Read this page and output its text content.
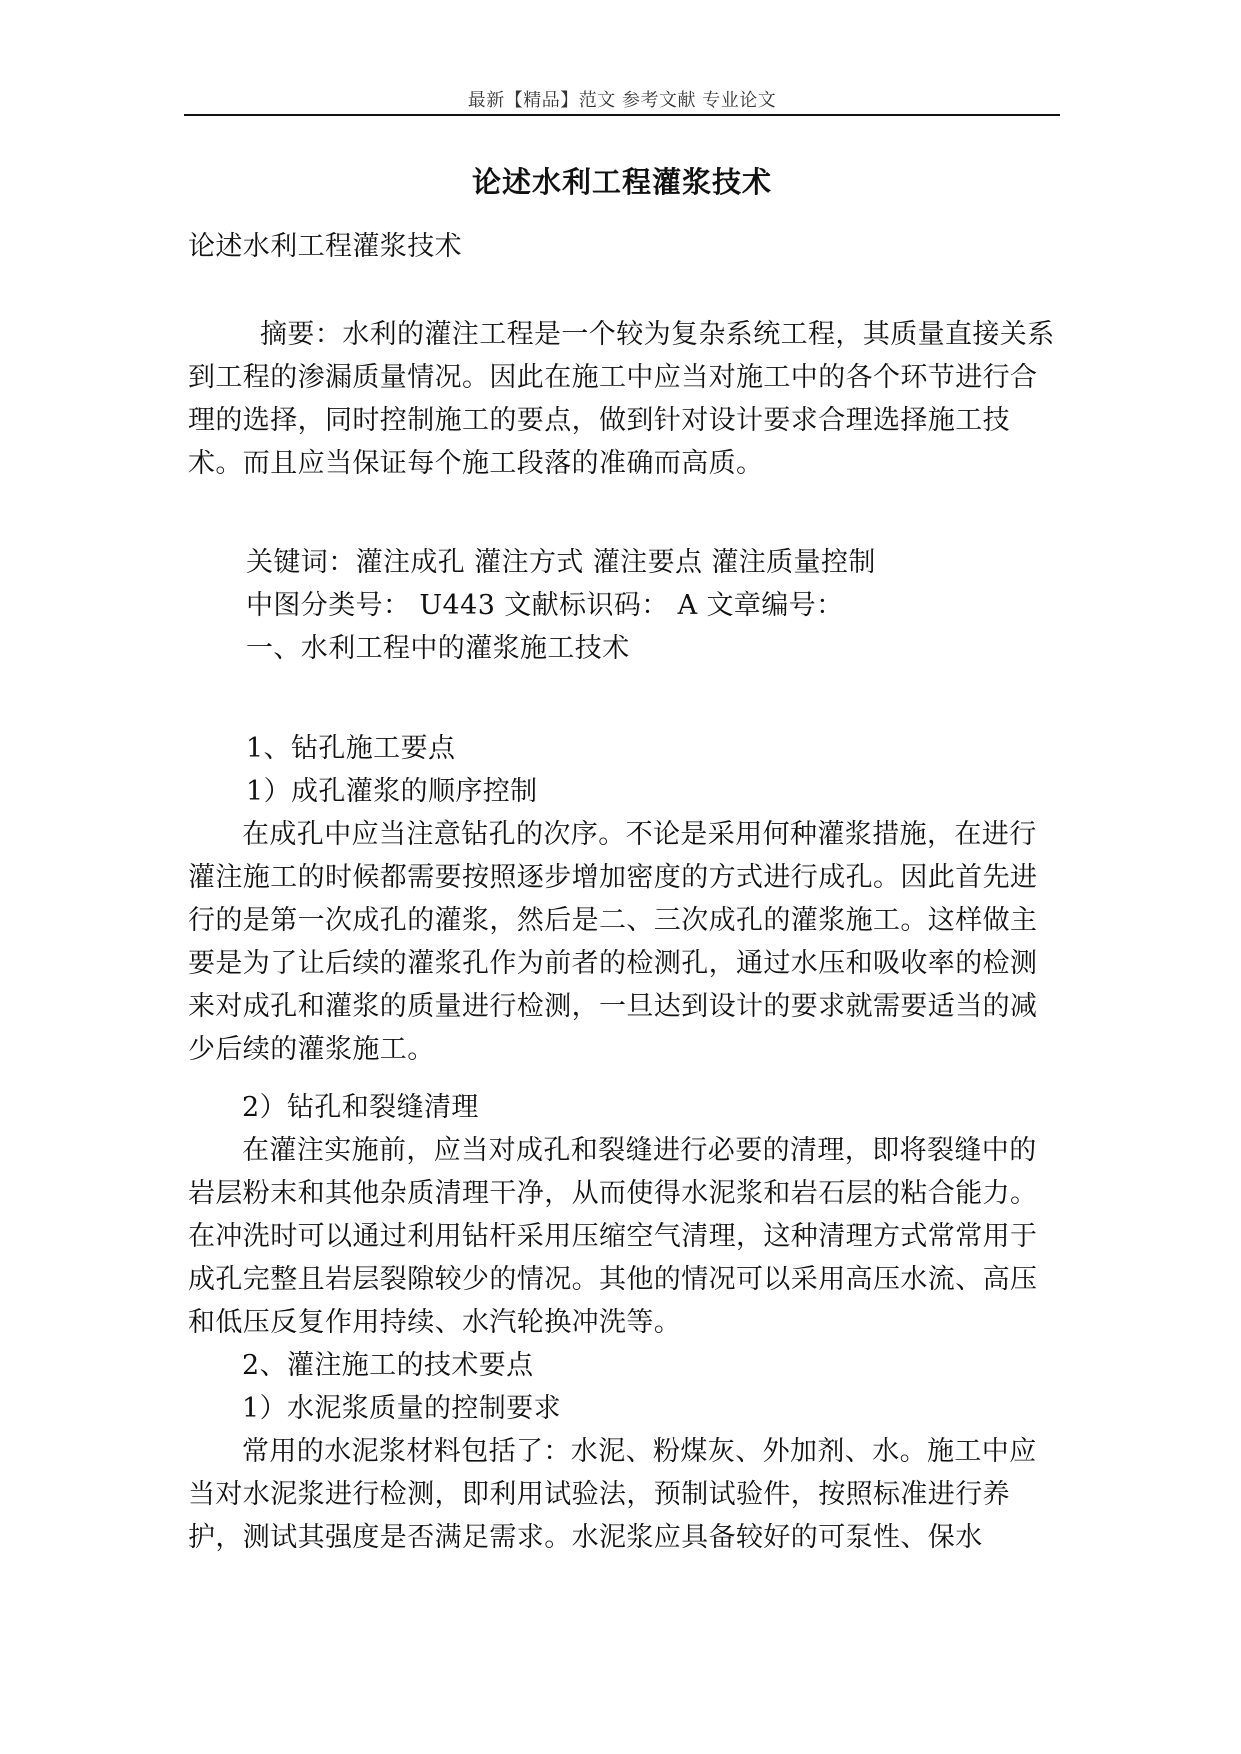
最新【精品】范文 参考文献 专业论文
论述水利工程灌浆技术

论述水利工程灌浆技术

摘要：水利的灌注工程是一个较为复杂系统工程，其质量直接关系到工程的渗漏质量情况。因此在施工中应当对施工中的各个环节进行合理的选择，同时控制施工的要点，做到针对设计要求合理选择施工技术。而且应当保证每个施工段落的准确而高质。

关键词：灌注成孔 灌注方式 灌注要点 灌注质量控制

中图分类号： U443 文献标识码： A 文章编号：

一、水利工程中的灌浆施工技术

1、钻孔施工要点

1）成孔灌浆的顺序控制

在成孔中应当注意钻孔的次序。不论是采用何种灌浆措施，在进行灌注施工的时候都需要按照逐步增加密度的方式进行成孔。因此首先进行的是第一次成孔的灌浆，然后是二、三次成孔的灌浆施工。这样做主要是为了让后续的灌浆孔作为前者的检测孔，通过水压和吸收率的检测来对成孔和灌浆的质量进行检测，一旦达到设计的要求就需要适当的减少后续的灌浆施工。

2）钻孔和裂缝清理

在灌注实施前，应当对成孔和裂缝进行必要的清理，即将裂缝中的岩层粉末和其他杂质清理干净，从而使得水泥浆和岩石层的粘合能力。在冲洗时可以通过利用钻杆采用压缩空气清理，这种清理方式常常用于成孔完整且岩层裂隙较少的情况。其他的情况可以采用高压水流、高压和低压反复作用持续、水汽轮换冲洗等。

2、灌注施工的技术要点

1）水泥浆质量的控制要求

常用的水泥浆材料包括了：水泥、粉煤灰、外加剂、水。施工中应当对水泥浆进行检测，即利用试验法，预制试验件，按照标准进行养护，测试其强度是否满足需求。水泥浆应具备较好的可泵性、保水
